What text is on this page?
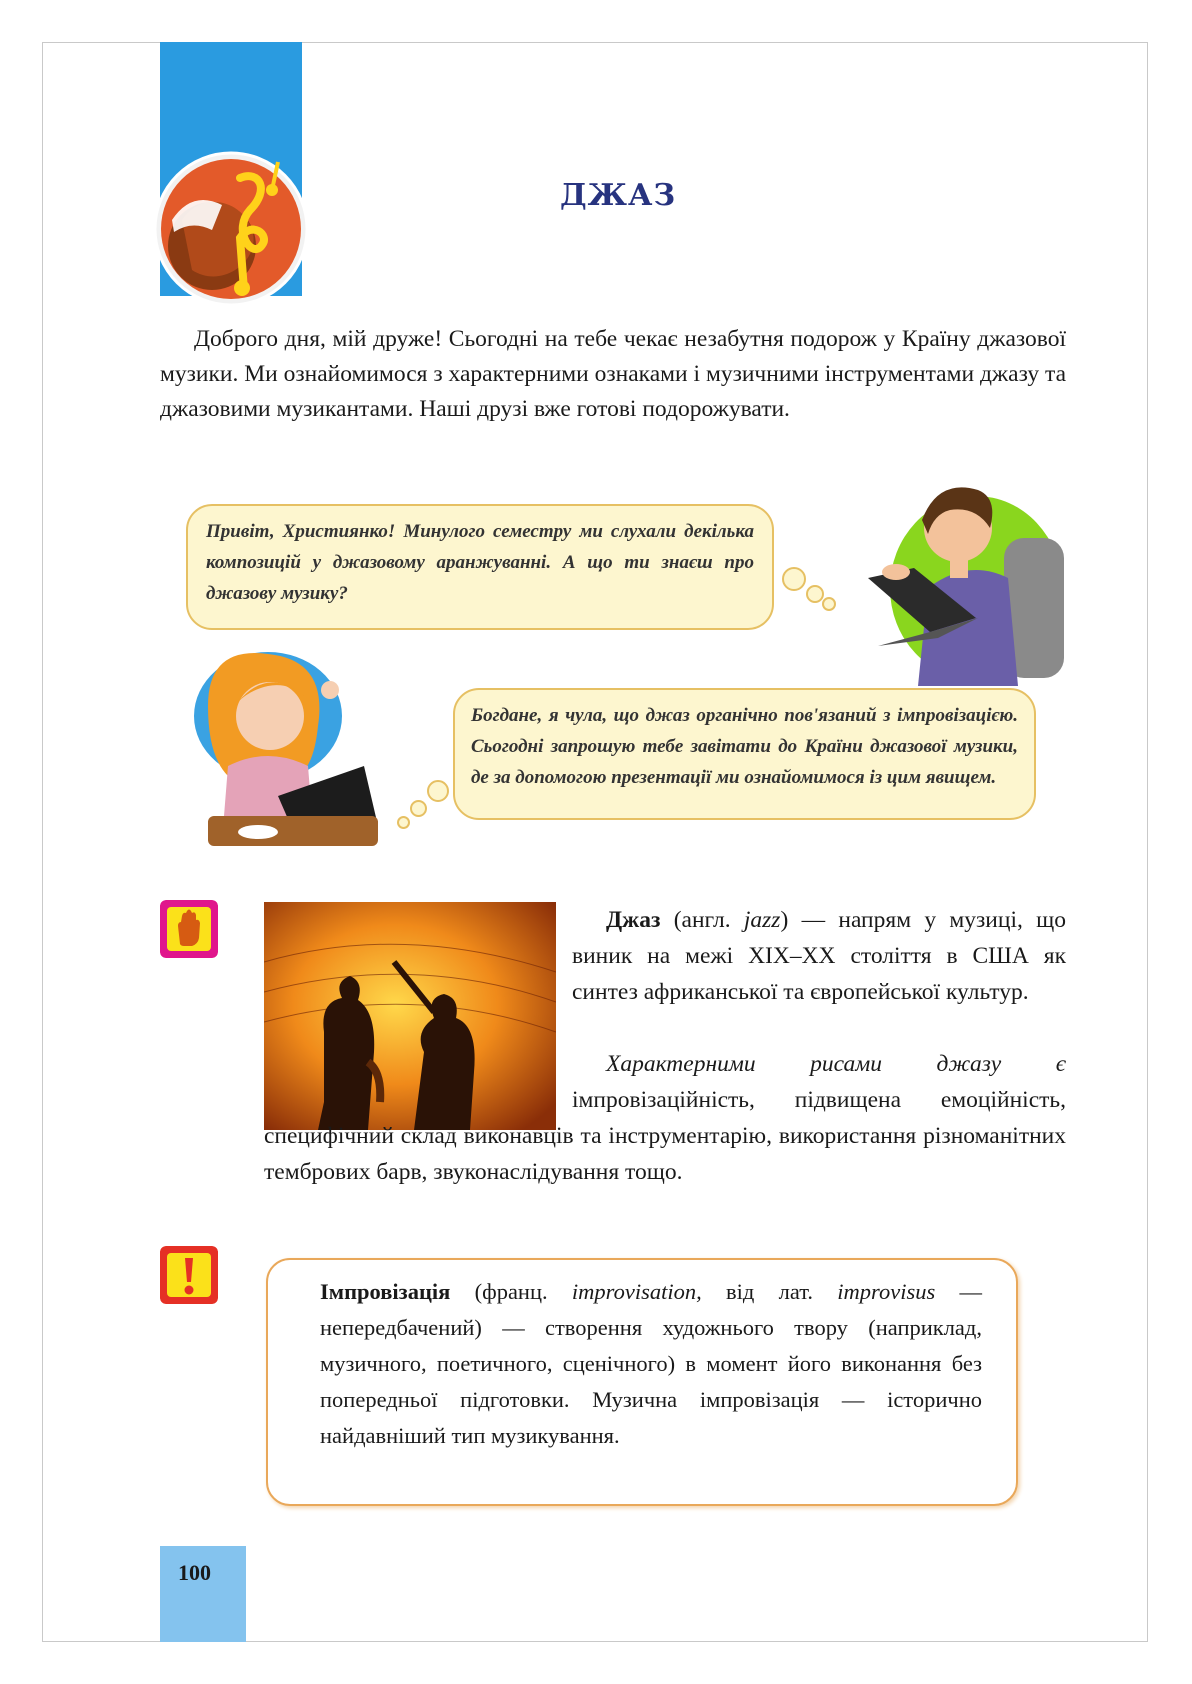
ДЖАЗ

Доброго дня, мій друже! Сьогодні на тебе чекає незабутня подорож у Країну джазової музики. Ми ознайомимося з характерними ознаками і музичними інструментами джазу та джазовими музикантами. Наші друзі вже готові подорожувати.

Привіт, Християнко! Минулого семестру ми слухали декілька композицій у джазовому аранжуванні. А що ти знаєш про джазову музику?
Богдане, я чула, що джаз органічно пов'язаний з імпровізацією. Сьогодні запрошую тебе завітати до Країни джазової музики, де за допомогою презентації ми ознайомимося із цим явищем.

Джаз (англ. jazz) — напрям у музиці, що виник на межі XIX–XX століття в США як синтез африканської та європейської культур.

Характерними рисами джазу є імпровізаційність, підвищена емоційність, специфічний склад виконавців та інструментарію, використання різноманітних тембрових барв, звуконаслідування тощо.

Імпровізація (франц. improvisation, від лат. improvisus — непередбачений) — створення художнього твору (наприклад, музичного, поетичного, сценічного) в момент його виконання без попередньої підготовки. Музична імпровізація — історично найдавніший тип музикування.
100
